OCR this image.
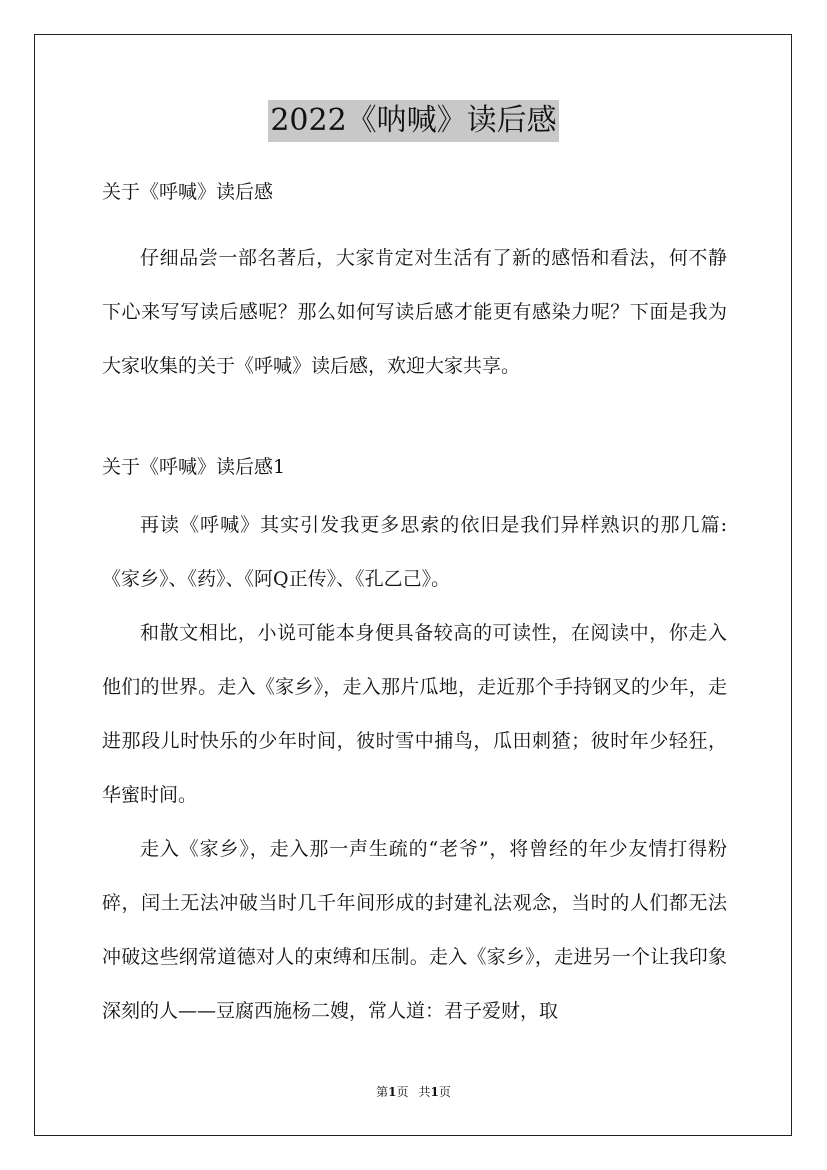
2022《呐喊》读后感

关于《呼喊》读后感

仔细品尝一部名著后，大家肯定对生活有了新的感悟和看法，何不静下心来写写读后感呢？那么如何写读后感才能更有感染力呢？下面是我为大家收集的关于《呼喊》读后感，欢迎大家共享。

关于《呼喊》读后感1

再读《呼喊》其实引发我更多思索的依旧是我们异样熟识的那几篇:《家乡》、《药》、《阿Q正传》、《孔乙己》。

和散文相比，小说可能本身便具备较高的可读性，在阅读中，你走入他们的世界。走入《家乡》，走入那片瓜地，走近那个手持钢叉的少年，走进那段儿时快乐的少年时间，彼时雪中捕鸟，瓜田刺猹；彼时年少轻狂，华蜜时间。

走入《家乡》，走入那一声生疏的“老爷”，将曾经的年少友情打得粉碎，闰土无法冲破当时几千年间形成的封建礼法观念，当时的人们都无法冲破这些纲常道德对人的束缚和压制。走入《家乡》，走进另一个让我印象深刻的人——豆腐西施杨二嫂，常人道：君子爱财，取

第1页 共1页
